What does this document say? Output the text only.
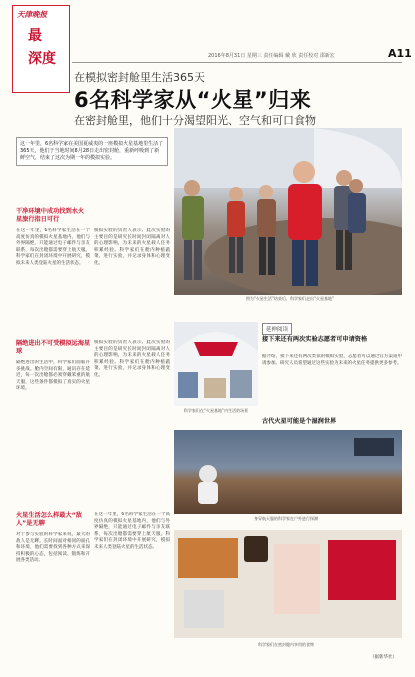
天津晚报
最
深度	2016年8月31日 星期三 责任编辑 戴 欣 责任校对 邵新宏	A11
在模拟密封舱里生活365天
6名科学家从“火星”归来
在密封舱里，他们十分渴望阳光、空气和可口食物
这一年里，6名科学家在美国夏威夷的一座模拟火星基地里生活了365天，他们于当地时间8月28日走出密封舱，重新呼吸到了新鲜空气，结束了这次为期一年的模拟实验。
图为“火星生活”结束后，科学家们走出“火星基地”
干净环境中成功找到水火星旅行指日可行
在这一年里，6名科学家生活在一个高度仿真的模拟火星基地内，他们与外界隔绝，只能通过电子邮件与亲友联系，每次出舱都需要穿上航天服。科学家们在封闭环境中开展研究，模拟未来人类登陆火星的生活状态。
模拟实验的负责人表示，此次实验的主要目的是研究长时间封闭隔离对人的心理影响，为未来的火星载人任务积累经验。科学家们在舱内种植蔬菜、进行实验，并记录身体和心理变化。
隔绝进出不可受模拟远海星球
隔绝进出的生活中，科学家们面临许多挑战。舱内空间有限，通讯存在延迟，每一次出舱都必须穿戴笨重的航天服，这些条件都模拟了真实的火星环境。
模拟实验的负责人表示，此次实验的主要目的是研究长时间封闭隔离对人的心理影响，为未来的火星载人任务积累经验。科学家们在舱内种植蔬菜、进行实验，并记录身体和心理变化。
火星生活怎么样最大“敌人”是无聊
对于参与实验的科学家来说，最大的敌人是无聊。长时间面对相同的面孔和环境，他们需要找到各种方式来保持积极的心态，包括阅读、锻炼和开展各类活动。
在这一年里，6名科学家生活在一个高度仿真的模拟火星基地内，他们与外界隔绝，只能通过电子邮件与亲友联系，每次出舱都需要穿上航天服。科学家们在封闭环境中开展研究，模拟未来人类登陆火星的生活状态。
科学家们在“火星基地”内生活的场景
身穿航天服的科学家在户外进行探测
科学家们在密封舱内享用的食物
延伸阅读
接下来还有两次实验志愿者可申请资格
据介绍，接下来还有两次类似的模拟实验，志愿者可以通过官方渠道申请参加。研究人员希望通过这些实验为未来的火星任务提供更多参考。
古代火星可能是个湿润世界
（据新华社）
